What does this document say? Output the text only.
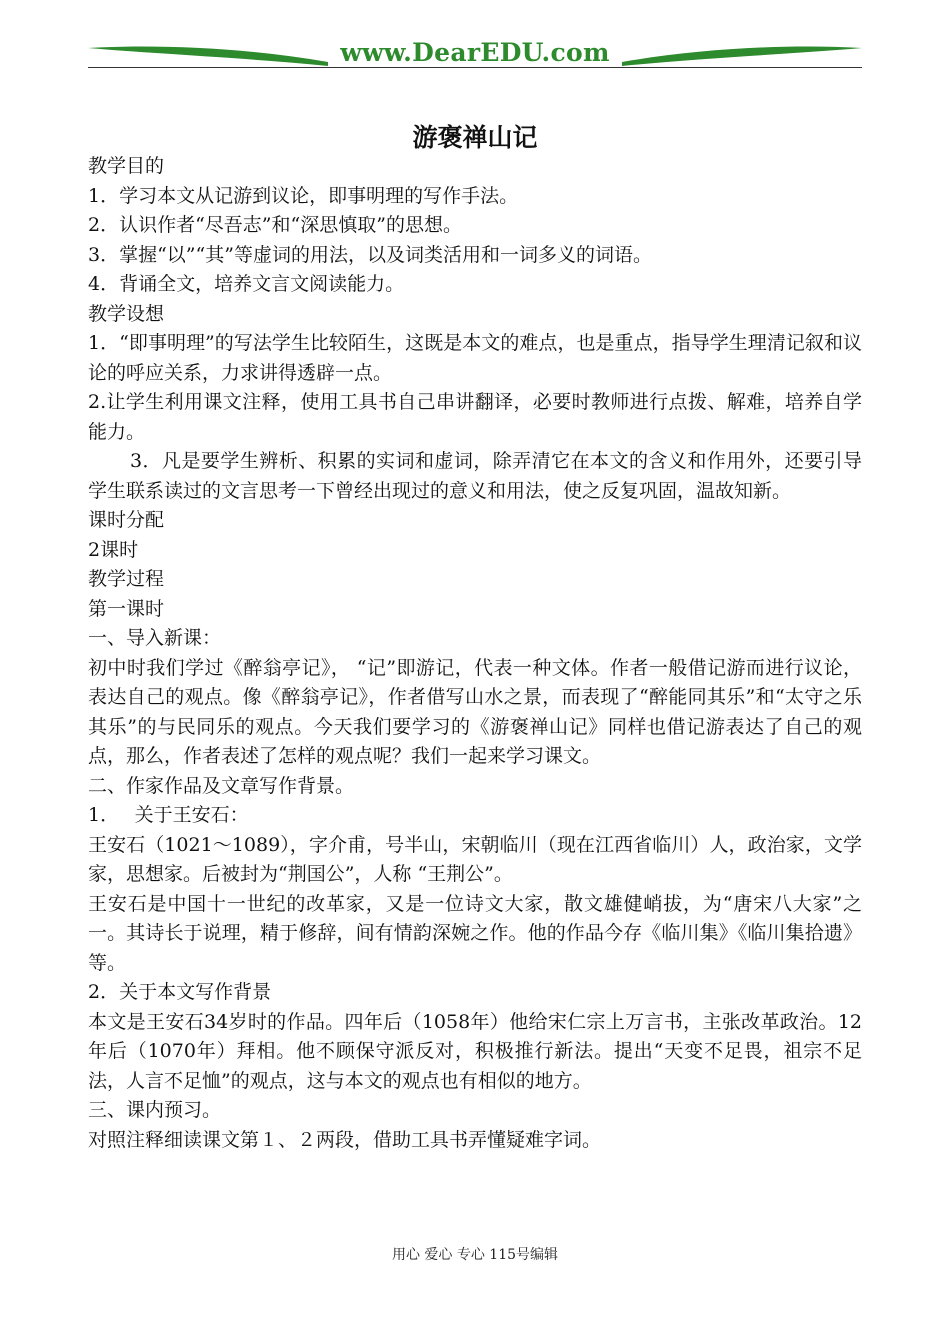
www.DearEDU.com
游褒禅山记

教学目的

1．学习本文从记游到议论，即事明理的写作手法。

2．认识作者“尽吾志”和“深思慎取”的思想。

3．掌握“以”“其”等虚词的用法，以及词类活用和一词多义的词语。

4．背诵全文，培养文言文阅读能力。

教学设想

1．“即事明理”的写法学生比较陌生，这既是本文的难点，也是重点，指导学生理清记叙和议论的呼应关系，力求讲得透辟一点。

2.让学生利用课文注释，使用工具书自己串讲翻译，必要时教师进行点拨、解难，培养自学能力。

3．凡是要学生辨析、积累的实词和虚词，除弄清它在本文的含义和作用外，还要引导学生联系读过的文言思考一下曾经出现过的意义和用法，使之反复巩固，温故知新。

课时分配

2课时

教学过程

第一课时

一、导入新课：

初中时我们学过《醉翁亭记》， “记”即游记，代表一种文体。作者一般借记游而进行议论，表达自己的观点。像《醉翁亭记》，作者借写山水之景，而表现了“醉能同其乐”和“太守之乐其乐”的与民同乐的观点。今天我们要学习的《游褒禅山记》同样也借记游表达了自己的观点，那么，作者表述了怎样的观点呢？我们一起来学习课文。

二、作家作品及文章写作背景。

1．　 关于王安石：

王安石（1021～1089），字介甫，号半山，宋朝临川（现在江西省临川）人，政治家，文学家，思想家。后被封为“荆国公”，人称 “王荆公”。

王安石是中国十一世纪的改革家，又是一位诗文大家，散文雄健峭拔，为“唐宋八大家”之一。其诗长于说理，精于修辞，间有情韵深婉之作。他的作品今存《临川集》《临川集拾遗》等。

2．关于本文写作背景

本文是王安石34岁时的作品。四年后（1058年）他给宋仁宗上万言书，主张改革政治。12年后（1070年）拜相。他不顾保守派反对，积极推行新法。提出“天变不足畏，祖宗不足法，人言不足恤”的观点，这与本文的观点也有相似的地方。

三、课内预习。

对照注释细读课文第１、２两段，借助工具书弄懂疑难字词。

用心 爱心 专心 115号编辑
